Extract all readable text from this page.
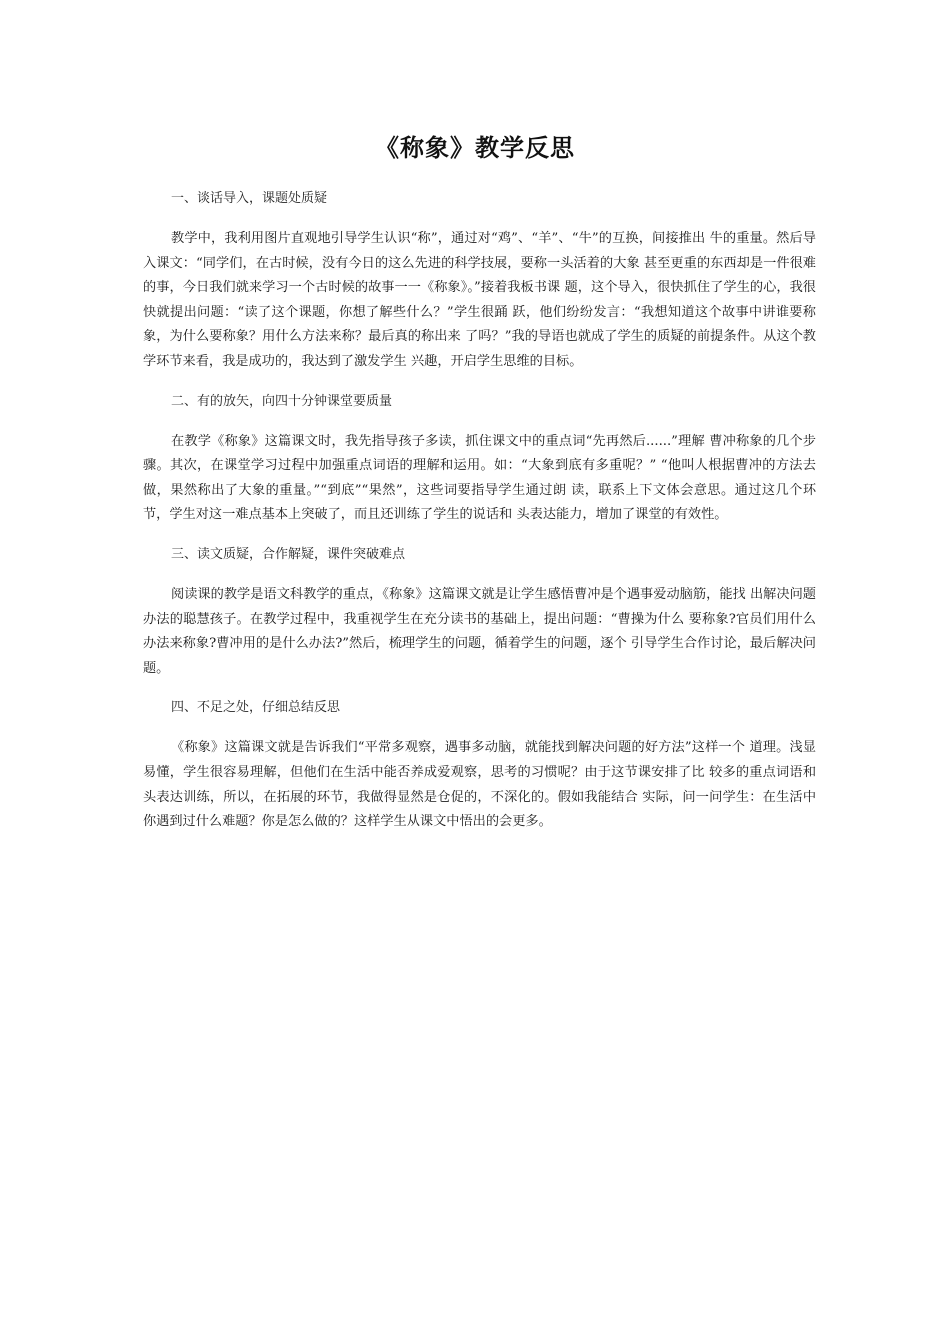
《称象》教学反思

一、谈话导入，课题处质疑

教学中，我利用图片直观地引导学生认识“称”，通过对“鸡”、“羊”、“牛”的互换，间接推出 牛的重量。然后导入课文：“同学们，在古时候，没有今日的这么先进的科学技展，要称一头活着的大象 甚至更重的东西却是一件很难的事，今日我们就来学习一个古时候的故事一一《称象》。”接着我板书课 题，这个导入，很快抓住了学生的心，我很快就提出问题：“读了这个课题，你想了解些什么？”学生很踊 跃，他们纷纷发言：“我想知道这个故事中讲谁要称象，为什么要称象？用什么方法来称？最后真的称出来 了吗？”我的导语也就成了学生的质疑的前提条件。从这个教学环节来看，我是成功的，我达到了激发学生 兴趣，开启学生思维的目标。

二、有的放矢，向四十分钟课堂要质量

在教学《称象》这篇课文时，我先指导孩子多读，抓住课文中的重点词“先再然后......”理解 曹冲称象的几个步骤。其次，在课堂学习过程中加强重点词语的理解和运用。如：“大象到底有多重呢？” “他叫人根据曹冲的方法去做，果然称出了大象的重量。”“到底”“果然”，这些词要指导学生通过朗 读，联系上下文体会意思。通过这几个环节，学生对这一难点基本上突破了，而且还训练了学生的说话和 头表达能力，增加了课堂的有效性。

三、读文质疑，合作解疑，课件突破难点

阅读课的教学是语文科教学的重点，《称象》这篇课文就是让学生感悟曹冲是个遇事爱动脑筋，能找 出解决问题办法的聪慧孩子。在教学过程中，我重视学生在充分读书的基础上，提出问题：“曹操为什么 要称象?官员们用什么办法来称象?曹冲用的是什么办法?”然后，梳理学生的问题，循着学生的问题，逐个 引导学生合作讨论，最后解决问题。

四、不足之处，仔细总结反思

《称象》这篇课文就是告诉我们“平常多观察，遇事多动脑，就能找到解决问题的好方法”这样一个 道理。浅显易懂，学生很容易理解，但他们在生活中能否养成爱观察，思考的习惯呢？由于这节课安排了比 较多的重点词语和头表达训练，所以，在拓展的环节，我做得显然是仓促的，不深化的。假如我能结合 实际，问一问学生：在生活中你遇到过什么难题？你是怎么做的？这样学生从课文中悟出的会更多。
